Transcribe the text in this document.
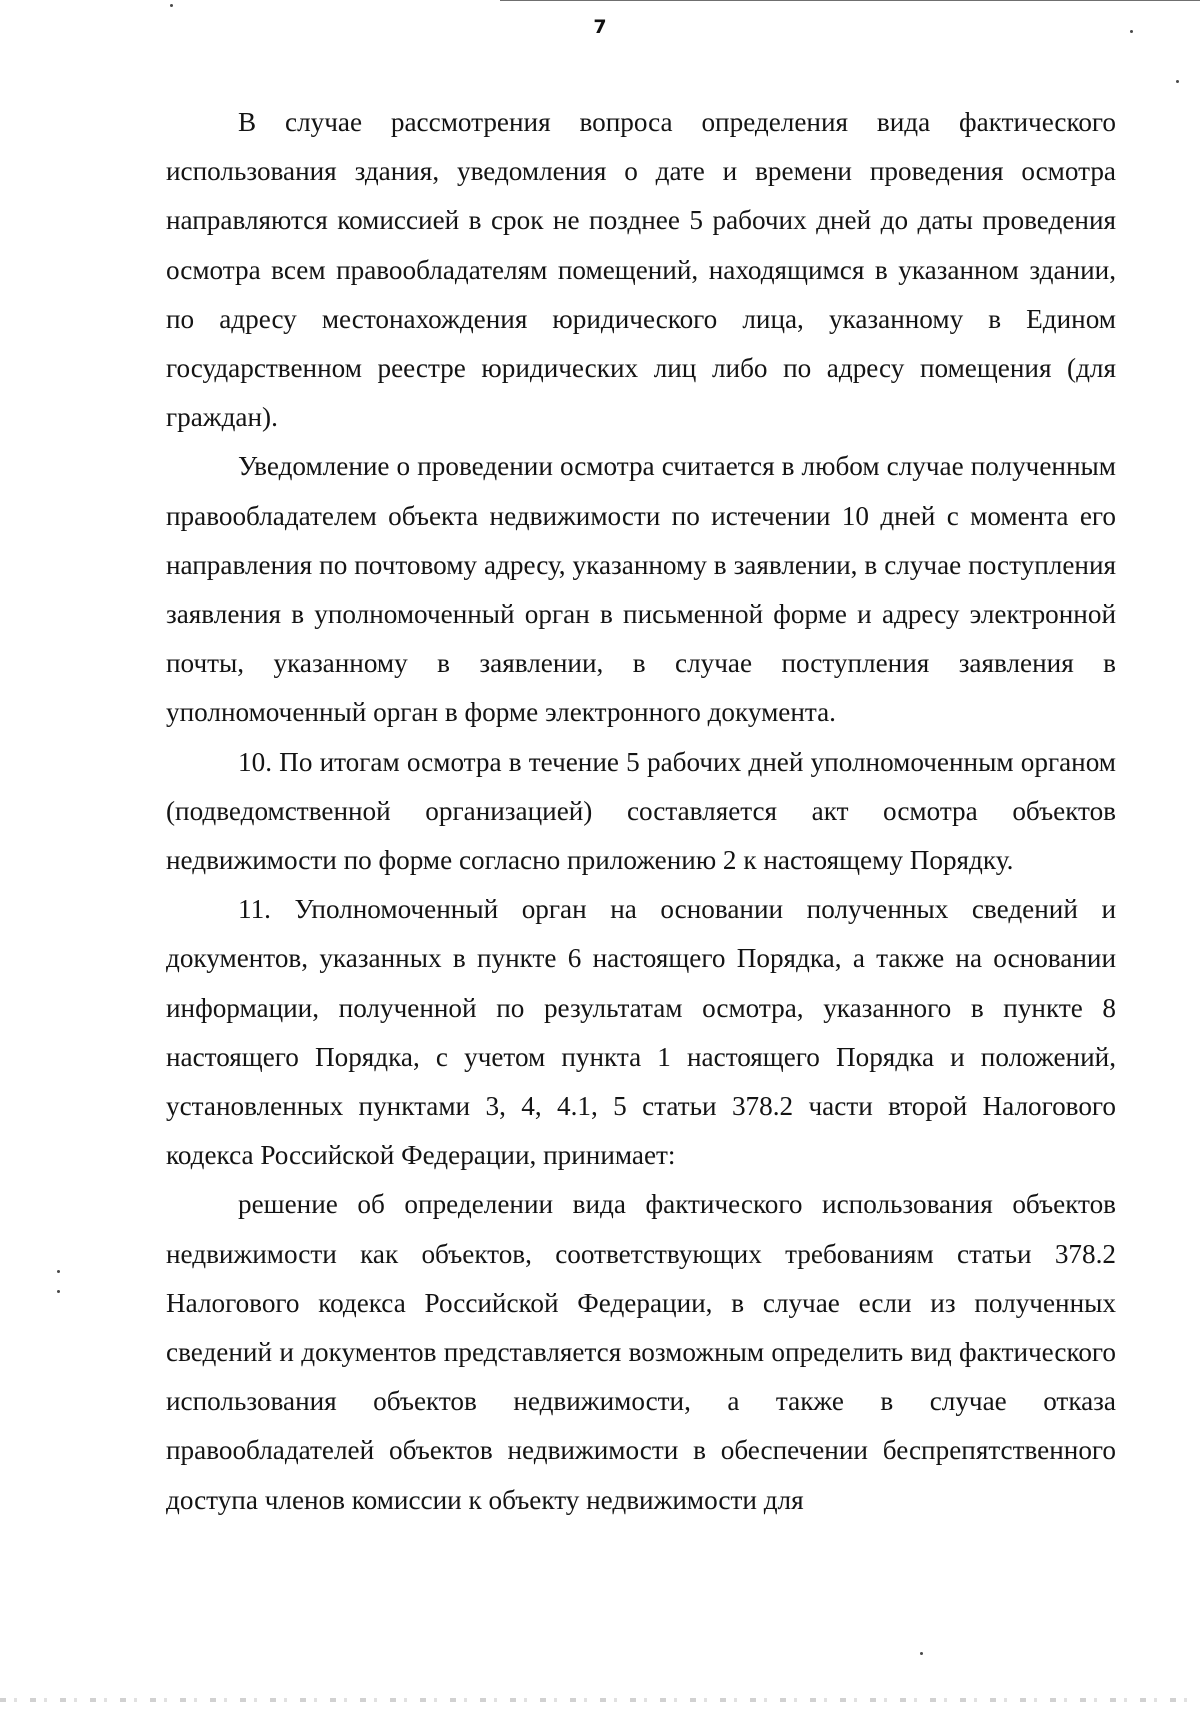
7

В случае рассмотрения вопроса определения вида фактического использования здания, уведомления о дате и времени проведения осмотра направляются комиссией в срок не позднее 5 рабочих дней до даты проведения осмотра всем правообладателям помещений, находящимся в указанном здании, по адресу местонахождения юридического лица, указанному в Едином государственном реестре юридических лиц либо по адресу помещения (для граждан).

Уведомление о проведении осмотра считается в любом случае полученным правообладателем объекта недвижимости по истечении 10 дней с момента его направления по почтовому адресу, указанному в заявлении, в случае поступления заявления в уполномоченный орган в письменной форме и адресу электронной почты, указанному в заявлении, в случае поступления заявления в уполномоченный орган в форме электронного документа.

10. По итогам осмотра в течение 5 рабочих дней уполномоченным органом (подведомственной организацией) составляется акт осмотра объектов недвижимости по форме согласно приложению 2 к настоящему Порядку.

11. Уполномоченный орган на основании полученных сведений и документов, указанных в пункте 6 настоящего Порядка, а также на основании информации, полученной по результатам осмотра, указанного в пункте 8 настоящего Порядка, с учетом пункта 1 настоящего Порядка и положений, установленных пунктами 3, 4, 4.1, 5 статьи 378.2 части второй Налогового кодекса Российской Федерации, принимает:

решение об определении вида фактического использования объектов недвижимости как объектов, соответствующих требованиям статьи 378.2 Налогового кодекса Российской Федерации, в случае если из полученных сведений и документов представляется возможным определить вид фактического использования объектов недвижимости, а также в случае отказа правообладателей объектов недвижимости в обеспечении беспрепятственного доступа членов комиссии к объекту недвижимости для
